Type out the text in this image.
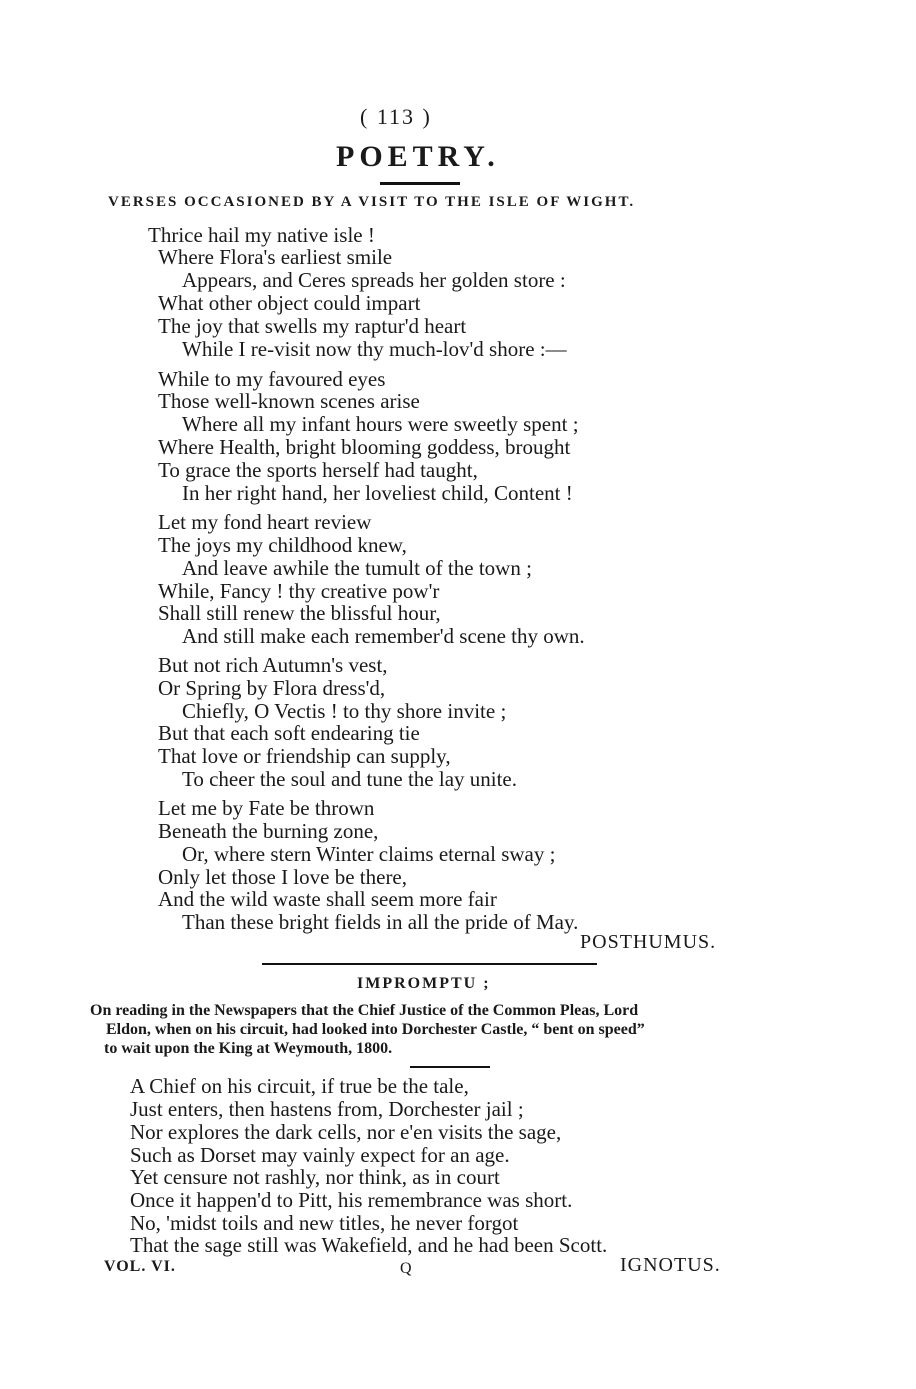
( 113 )
POETRY.
VERSES OCCASIONED BY A VISIT TO THE ISLE OF WIGHT.
Thrice hail my native isle !
Where Flora's earliest smile
Appears, and Ceres spreads her golden store :
What other object could impart
The joy that swells my raptur'd heart
While I re-visit now thy much-lov'd shore :—
While to my favoured eyes
Those well-known scenes arise
Where all my infant hours were sweetly spent ;
Where Health, bright blooming goddess, brought
To grace the sports herself had taught,
In her right hand, her loveliest child, Content !
Let my fond heart review
The joys my childhood knew,
And leave awhile the tumult of the town ;
While, Fancy ! thy creative pow'r
Shall still renew the blissful hour,
And still make each remember'd scene thy own.
But not rich Autumn's vest,
Or Spring by Flora dress'd,
Chiefly, O Vectis ! to thy shore invite ;
But that each soft endearing tie
That love or friendship can supply,
To cheer the soul and tune the lay unite.
Let me by Fate be thrown
Beneath the burning zone,
Or, where stern Winter claims eternal sway ;
Only let those I love be there,
And the wild waste shall seem more fair
Than these bright fields in all the pride of May.
POSTHUMUS.
IMPROMPTU ;
On reading in the Newspapers that the Chief Justice of the Common Pleas, Lord
Eldon, when on his circuit, had looked into Dorchester Castle, “ bent on speed”
to wait upon the King at Weymouth, 1800.
A Chief on his circuit, if true be the tale,
Just enters, then hastens from, Dorchester jail ;
Nor explores the dark cells, nor e'en visits the sage,
Such as Dorset may vainly expect for an age.
Yet censure not rashly, nor think, as in court
Once it happen'd to Pitt, his remembrance was short.
No, 'midst toils and new titles, he never forgot
That the sage still was Wakefield, and he had been Scott.
VOL. VI.	Q	IGNOTUS.
